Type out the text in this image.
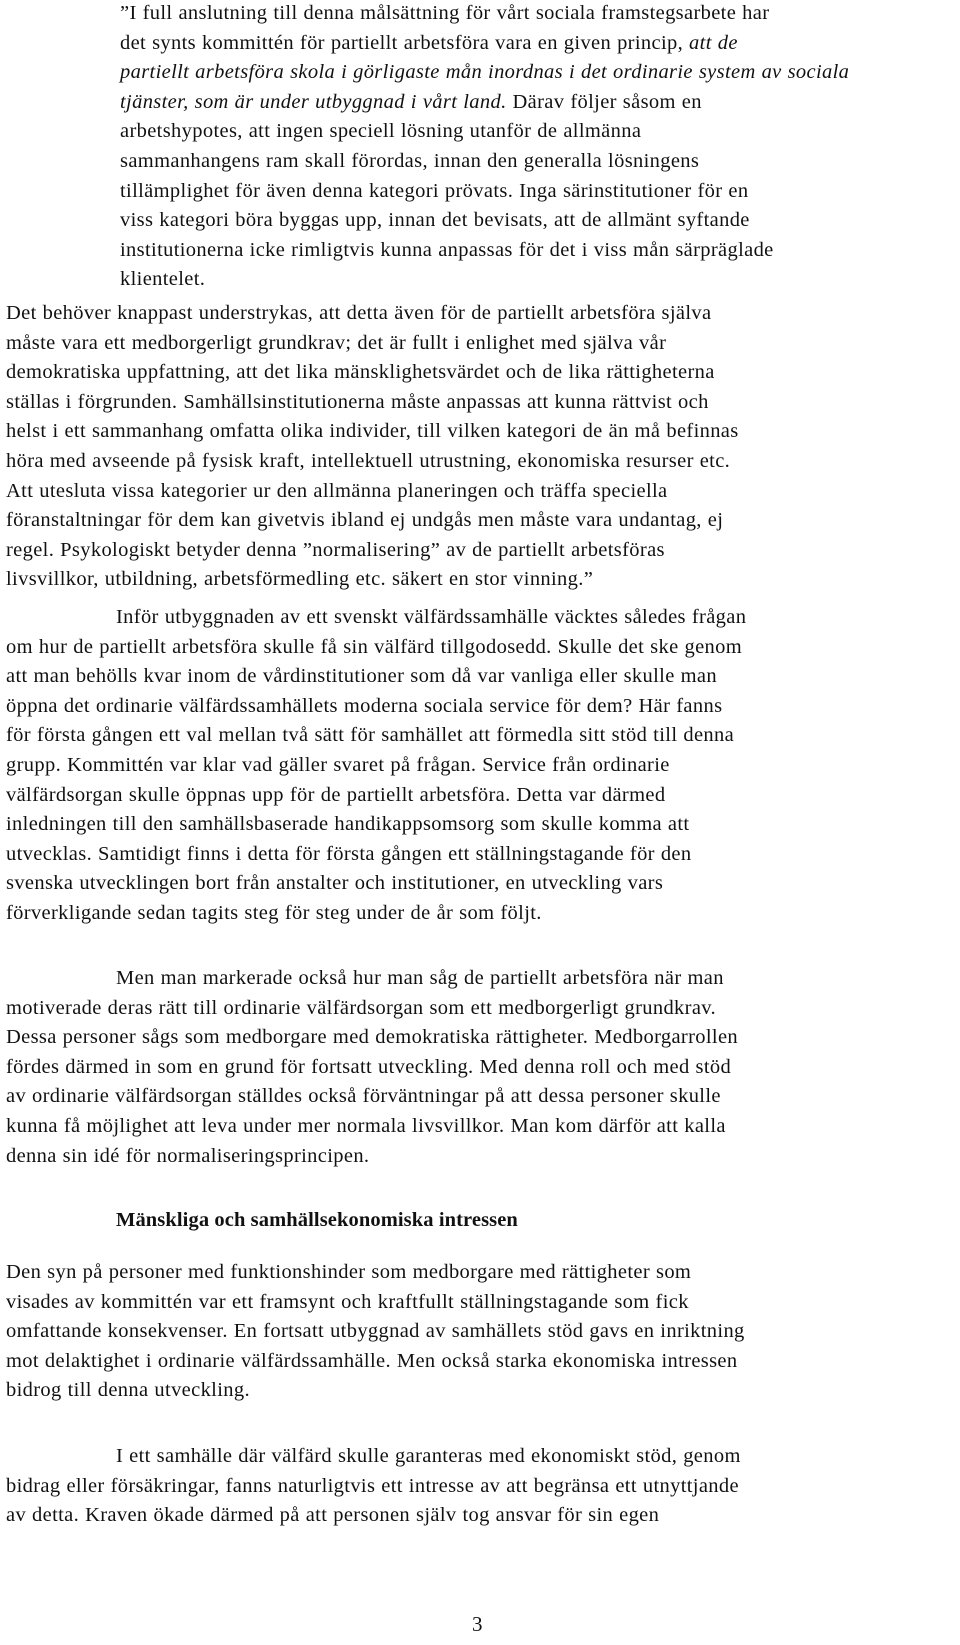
”I full anslutning till denna målsättning för vårt sociala framstegsarbete har
det synts kommittén för partiellt arbetsföra vara en given princip, att de
partiellt arbetsföra skola i görligaste mån inordnas i det ordinarie system av sociala
tjänster, som är under utbyggnad i vårt land. Därav följer såsom en
arbetshypotes, att ingen speciell lösning utanför de allmänna
sammanhangens ram skall förordas, innan den generalla lösningens
tillämplighet för även denna kategori prövats. Inga särinstitutioner för en
viss kategori böra byggas upp, innan det bevisats, att de allmänt syftande
institutionerna icke rimligtvis kunna anpassas för det i viss mån särpräglade
klientelet.
Det behöver knappast understrykas, att detta även för de partiellt arbetsföra själva
måste vara ett medborgerligt grundkrav; det är fullt i enlighet med själva vår
demokratiska uppfattning, att det lika mänsklighetsvärdet och de lika rättigheterna
ställas i förgrunden. Samhällsinstitutionerna måste anpassas att kunna rättvist och
helst i ett sammanhang omfatta olika individer, till vilken kategori de än må befinnas
höra med avseende på fysisk kraft, intellektuell utrustning, ekonomiska resurser etc.
Att utesluta vissa kategorier ur den allmänna planeringen och träffa speciella
föranstaltningar för dem kan givetvis ibland ej undgås men måste vara undantag, ej
regel. Psykologiskt betyder denna ”normalisering” av de partiellt arbetsföras
livsvillkor, utbildning, arbetsförmedling etc. säkert en stor vinning.”
Inför utbyggnaden av ett svenskt välfärdssamhälle väcktes således frågan
om hur de partiellt arbetsföra skulle få sin välfärd tillgodosedd. Skulle det ske genom
att man behölls kvar inom de vårdinstitutioner som då var vanliga eller skulle man
öppna det ordinarie välfärdssamhällets moderna sociala service för dem? Här fanns
för första gången ett val mellan två sätt för samhället att förmedla sitt stöd till denna
grupp. Kommittén var klar vad gäller svaret på frågan. Service från ordinarie
välfärdsorgan skulle öppnas upp för de partiellt arbetsföra. Detta var därmed
inledningen till den samhällsbaserade handikappsomsorg som skulle komma att
utvecklas. Samtidigt finns i detta för första gången ett ställningstagande för den
svenska utvecklingen bort från anstalter och institutioner, en utveckling vars
förverkligande sedan tagits steg för steg under de år som följt.
Men man markerade också hur man såg de partiellt arbetsföra när man
motiverade deras rätt till ordinarie välfärdsorgan som ett medborgerligt grundkrav.
Dessa personer sågs som medborgare med demokratiska rättigheter. Medborgarrollen
fördes därmed in som en grund för fortsatt utveckling. Med denna roll och med stöd
av ordinarie välfärdsorgan ställdes också förväntningar på att dessa personer skulle
kunna få möjlighet att leva under mer normala livsvillkor. Man kom därför att kalla
denna sin idé för normaliseringsprincipen.
Mänskliga och samhällsekonomiska intressen
Den syn på personer med funktionshinder som medborgare med rättigheter som
visades av kommittén var ett framsynt och kraftfullt ställningstagande som fick
omfattande konsekvenser. En fortsatt utbyggnad av samhällets stöd gavs en inriktning
mot delaktighet i ordinarie välfärdssamhälle. Men också starka ekonomiska intressen
bidrog till denna utveckling.
I ett samhälle där välfärd skulle garanteras med ekonomiskt stöd, genom
bidrag eller försäkringar, fanns naturligtvis ett intresse av att begränsa ett utnyttjande
av detta. Kraven ökade därmed på att personen själv tog ansvar för sin egen
3
